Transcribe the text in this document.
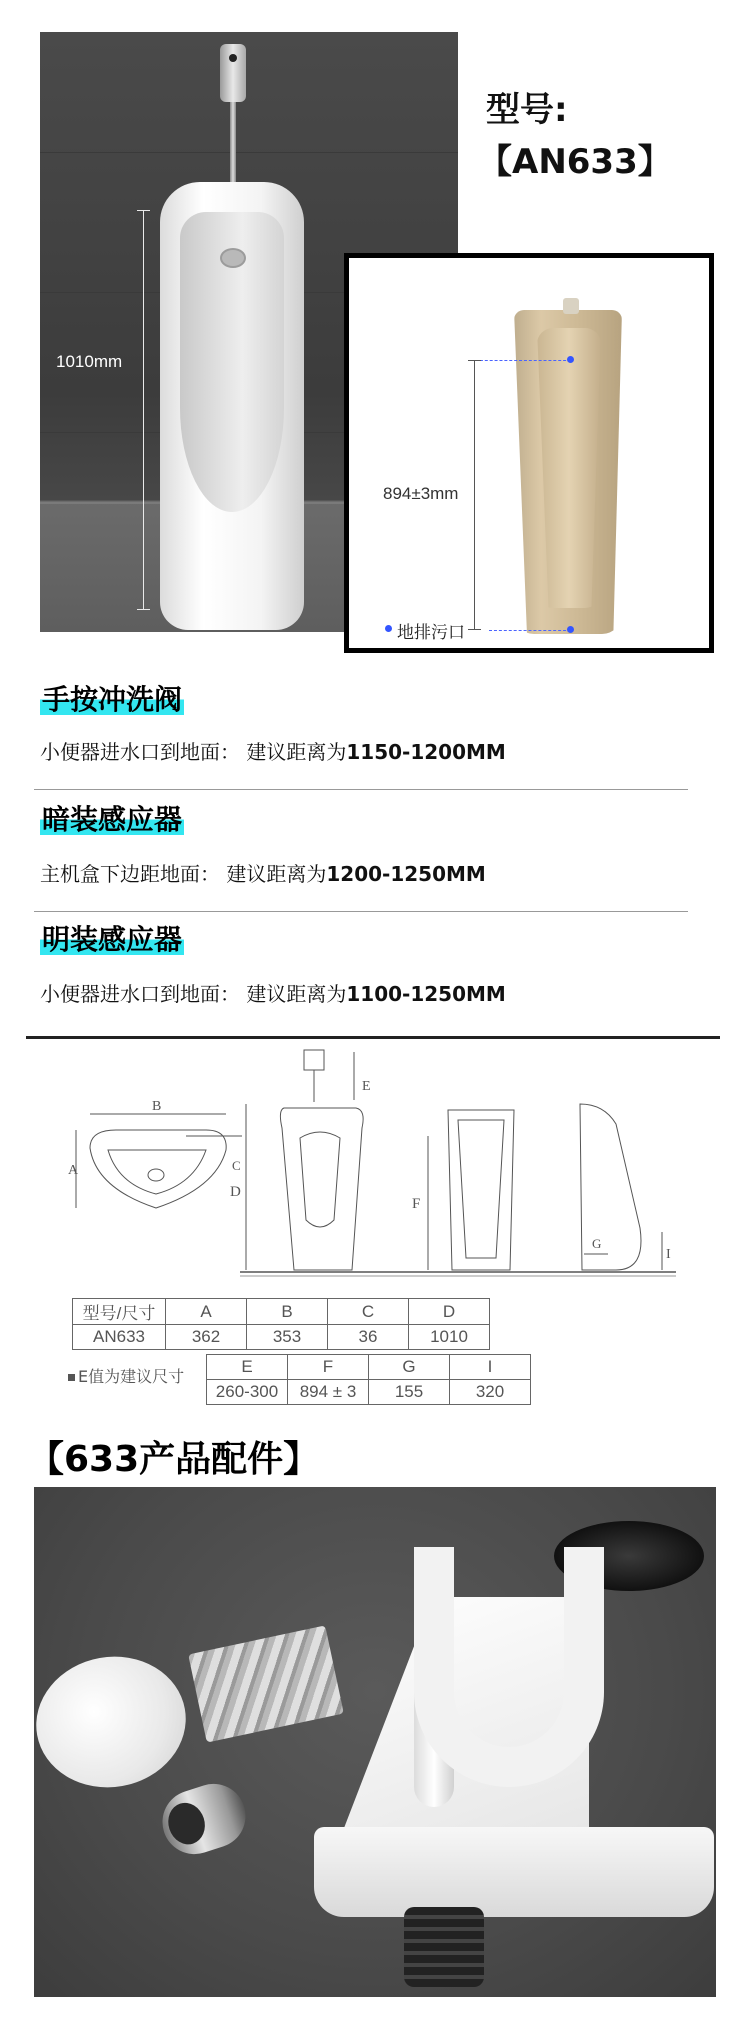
1010mm
型号:
【AN633】
894±3mm
地排污口
手按冲洗阀
小便器进水口到地面： 建议距离为1150-1200MM
暗装感应器
主机盒下边距地面： 建议距离为1200-1250MM
明装感应器
小便器进水口到地面： 建议距离为1100-1250MM
B
A	C
E
D
F
I
G
型号/尺寸	A	B	C	D
AN633	362	353	36	1010
E值为建议尺寸
E	F	G	I
260-300	894 ± 3	155	320
【633产品配件】
